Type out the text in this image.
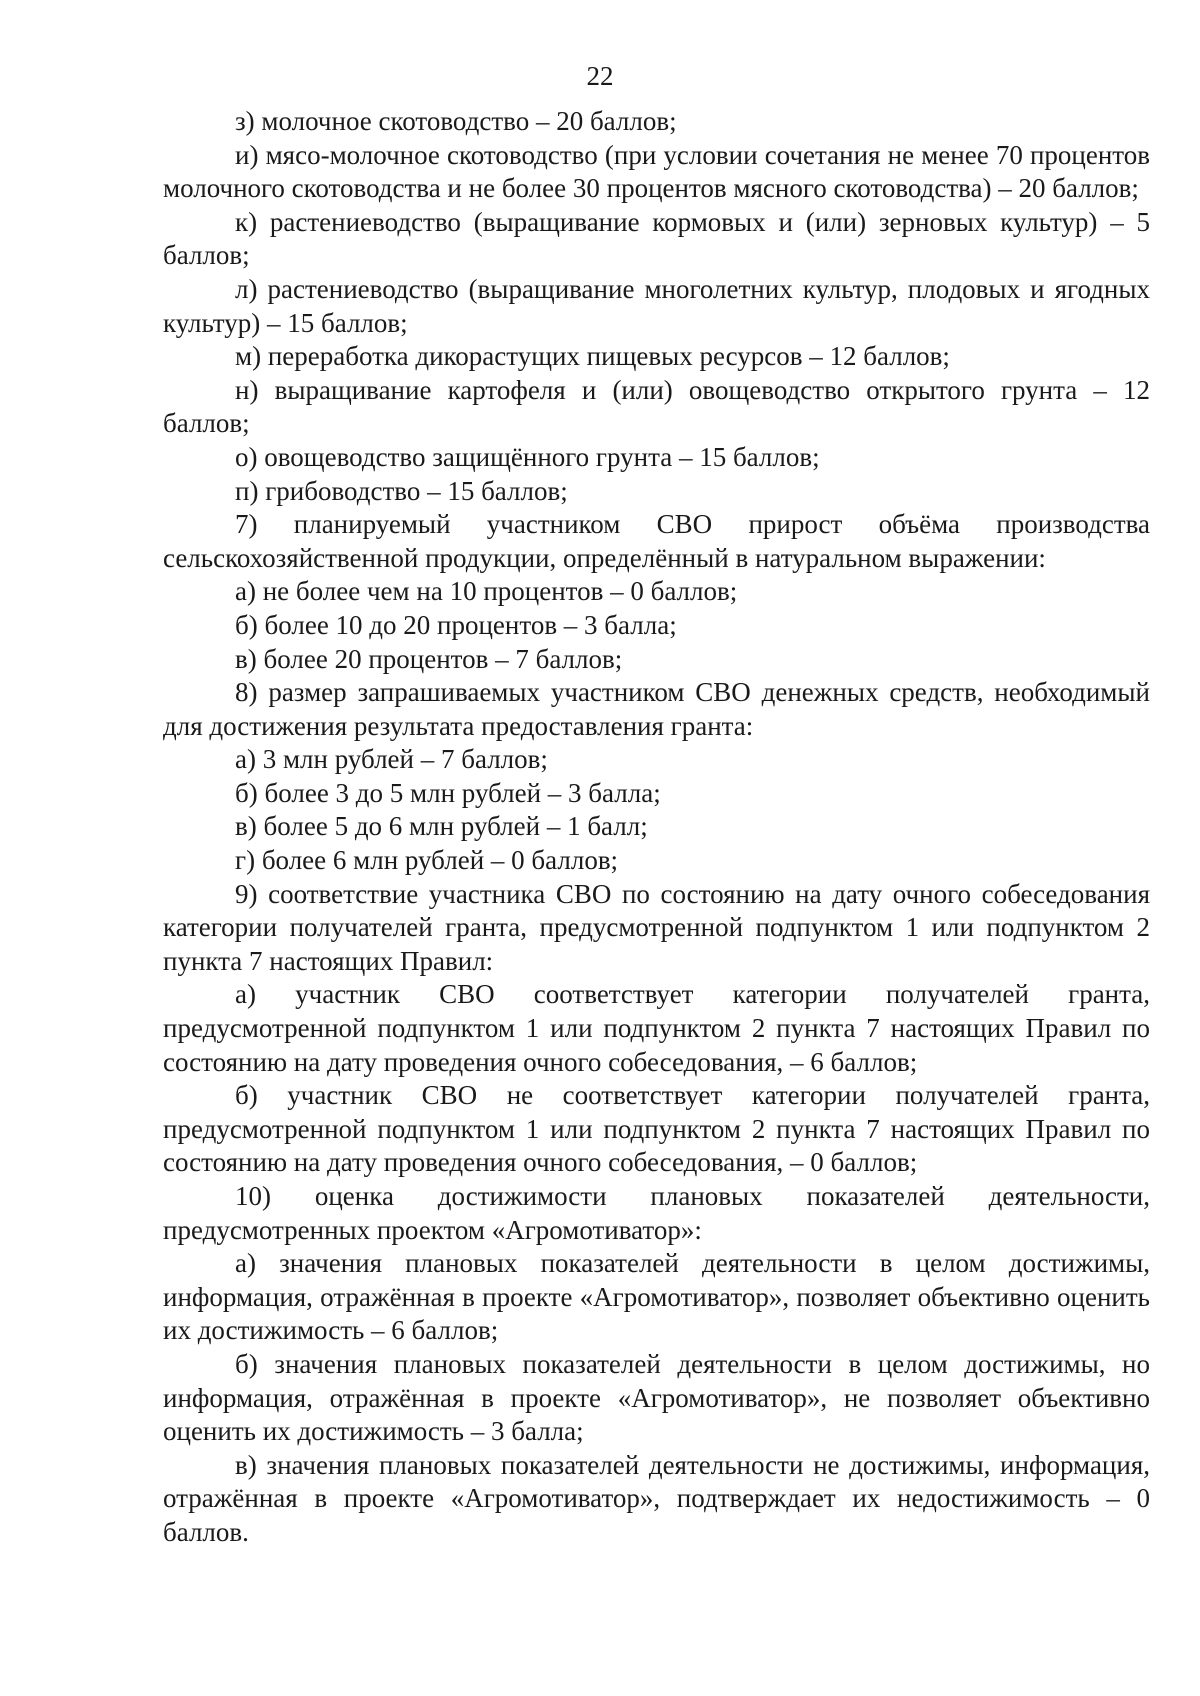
22

з) молочное скотоводство – 20 баллов;

и) мясо-молочное скотоводство (при условии сочетания не менее 70 процентов молочного скотоводства и не более 30 процентов мясного скотоводства) – 20 баллов;

к) растениеводство (выращивание кормовых и (или) зерновых культур) – 5 баллов;

л) растениеводство (выращивание многолетних культур, плодовых и ягодных культур) – 15 баллов;

м) переработка дикорастущих пищевых ресурсов – 12 баллов;

н) выращивание картофеля и (или) овощеводство открытого грунта – 12 баллов;

о) овощеводство защищённого грунта – 15 баллов;

п) грибоводство – 15 баллов;

7) планируемый участником СВО прирост объёма производства сельскохозяйственной продукции, определённый в натуральном выражении:

а) не более чем на 10 процентов – 0 баллов;

б) более 10 до 20 процентов – 3 балла;

в) более 20 процентов – 7 баллов;

8) размер запрашиваемых участником СВО денежных средств, необходимый для достижения результата предоставления гранта:

а) 3 млн рублей – 7 баллов;

б) более 3 до 5 млн рублей – 3 балла;

в) более 5 до 6 млн рублей – 1 балл;

г) более 6 млн рублей – 0 баллов;

9) соответствие участника СВО по состоянию на дату очного собеседования категории получателей гранта, предусмотренной подпунктом 1 или подпунктом 2 пункта 7 настоящих Правил:

а) участник СВО соответствует категории получателей гранта, предусмотренной подпунктом 1 или подпунктом 2 пункта 7 настоящих Правил по состоянию на дату проведения очного собеседования, – 6 баллов;

б) участник СВО не соответствует категории получателей гранта, предусмотренной подпунктом 1 или подпунктом 2 пункта 7 настоящих Правил по состоянию на дату проведения очного собеседования, – 0 баллов;

10) оценка достижимости плановых показателей деятельности, предусмотренных проектом «Агромотиватор»:

а) значения плановых показателей деятельности в целом достижимы, информация, отражённая в проекте «Агромотиватор», позволяет объективно оценить их достижимость – 6 баллов;

б) значения плановых показателей деятельности в целом достижимы, но информация, отражённая в проекте «Агромотиватор», не позволяет объективно оценить их достижимость – 3 балла;

в) значения плановых показателей деятельности не достижимы, информация, отражённая в проекте «Агромотиватор», подтверждает их недостижимость – 0 баллов.
